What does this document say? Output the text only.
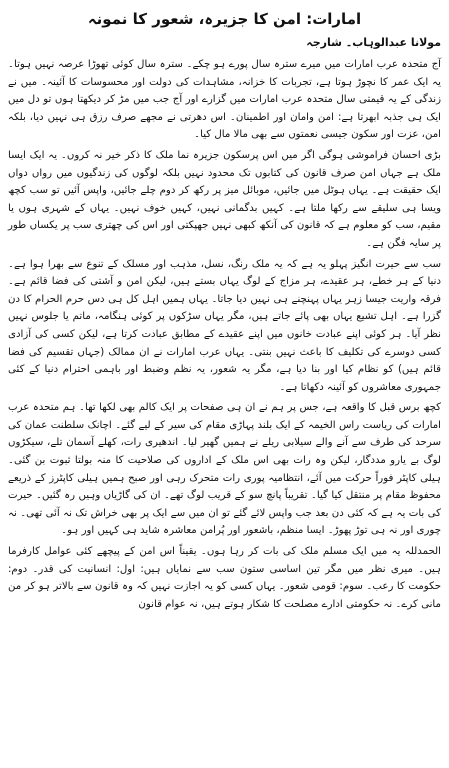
امارات: امن کا جزیرہ، شعور کا نمونہ
مولانا عبدالوہاب۔ شارجہ

آج متحدہ عرب امارات میں میرے سترہ سال پورے ہو چکے۔ سترہ سال کوئی تھوڑا عرصہ نہیں ہوتا۔ یہ ایک عمر کا نچوڑ ہوتا ہے، تجربات کا خزانہ، مشاہدات کی دولت اور محسوسات کا آئینہ۔ میں نے زندگی کے یہ قیمتی سال متحدہ عرب امارات میں گزارے اور آج جب میں مڑ کر دیکھتا ہوں تو دل میں ایک ہی جذبہ ابھرتا ہے: امن وامان اور اطمینان۔ اس دھرتی نے مجھے صرف رزق ہی نہیں دیا، بلکہ امن، عزت اور سکون جیسی نعمتوں سے بھی مالا مال کیا۔

بڑی احسان فراموشی ہوگی اگر میں اس پرسکون جزیرہ نما ملک کا ذکر خیر نہ کروں۔ یہ ایک ایسا ملک ہے جہاں امن صرف قانون کی کتابوں تک محدود نہیں بلکہ لوگوں کی زندگیوں میں رواں دواں ایک حقیقت ہے۔ یہاں ہوٹل میں جائیں، موبائل میز پر رکھ کر دوم چلے جائیں، واپس آئیں تو سب کچھ ویسا ہی سلیقے سے رکھا ملتا ہے۔ کہیں بدگمانی نہیں، کہیں خوف نہیں۔ یہاں کے شہری ہوں یا مقیم، سب کو معلوم ہے کہ قانون کی آنکھ کبھی نہیں جھپکتی اور اس کی چھتری سب پر یکساں طور پر سایہ فگن ہے۔

سب سے حیرت انگیز پہلو یہ ہے کہ یہ ملک رنگ، نسل، مذہب اور مسلک کے تنوع سے بھرا ہوا ہے۔ دنیا کے ہر خطے، ہر عقیدے، ہر مزاج کے لوگ یہاں بستے ہیں، لیکن امن و آشتی کی فضا قائم ہے۔ فرقہ واریت جیسا زہر یہاں پہنچنے ہی نہیں دیا جاتا۔ یہاں ہمیں اہل کل ہی دس حرم الحرام کا دن گزرا ہے۔ اہل تشیع یہاں بھی پائے جاتے ہیں، مگر یہاں سڑکوں پر کوئی ہنگامہ، ماتم یا جلوس نہیں نظر آیا۔ ہر کوئی اپنے عبادت خانوں میں اپنے عقیدے کے مطابق عبادت کرتا ہے، لیکن کسی کی آزادی کسی دوسرے کی تکلیف کا باعث نہیں بنتی۔ یہاں عرب امارات نے ان ممالک (جہاں تقسیم کی فضا قائم ہیں) کو نظام کیا اور بنا دیا ہے، مگر یہ شعور، یہ نظم وضبط اور باہمی احترام دنیا کے کئی جمہوری معاشروں کو آئینہ دکھاتا ہے۔

کچھ برس قبل کا واقعہ ہے، جس پر ہم نے ان ہی صفحات پر ایک کالم بھی لکھا تھا۔ ہم متحدہ عرب امارات کی ریاست راس الخیمہ کے ایک بلند پہاڑی مقام کی سیر کے لیے گئے۔ اچانک سلطنت عمان کی سرحد کی طرف سے آنے والے سیلابی ریلے نے ہمیں گھیر لیا۔ اندھیری رات، کھلے آسمان تلے، سیکڑوں لوگ بے یارو مددگار، لیکن وہ رات بھی اس ملک کے اداروں کی صلاحیت کا منہ بولتا ثبوت بن گئی۔ ہیلی کاپٹر فوراً حرکت میں آئے، انتظامیہ پوری رات متحرک رہی اور صبح ہمیں ہیلی کاپٹرز کے ذریعے محفوظ مقام پر منتقل کیا گیا۔ تقریباً پانچ سو کے قریب لوگ تھے۔ ان کی گاڑیاں وہیں رہ گئیں۔ حیرت کی بات یہ ہے کہ کئی دن بعد جب واپس لائے گئے تو ان میں سے ایک پر بھی خراش تک نہ آئی تھی۔ نہ چوری اور نہ ہی توڑ پھوڑ۔ ایسا منظم، باشعور اور پُرامن معاشرہ شاید ہی کہیں اور ہو۔

الحمدللہ یہ میں ایک مسلم ملک کی بات کر رہا ہوں۔ یقیناً اس امن کے پیچھے کئی عوامل کارفرما ہیں۔ میری نظر میں مگر تین اساسی ستون سب سے نمایاں ہیں: اول: انسانیت کی قدر۔ دوم: حکومت کا رعب۔ سوم: قومی شعور۔ یہاں کسی کو یہ اجازت نہیں کہ وہ قانون سے بالاتر ہو کر من مانی کرے۔ نہ حکومتی ادارے مصلحت کا شکار ہوتے ہیں، نہ عوام قانون
